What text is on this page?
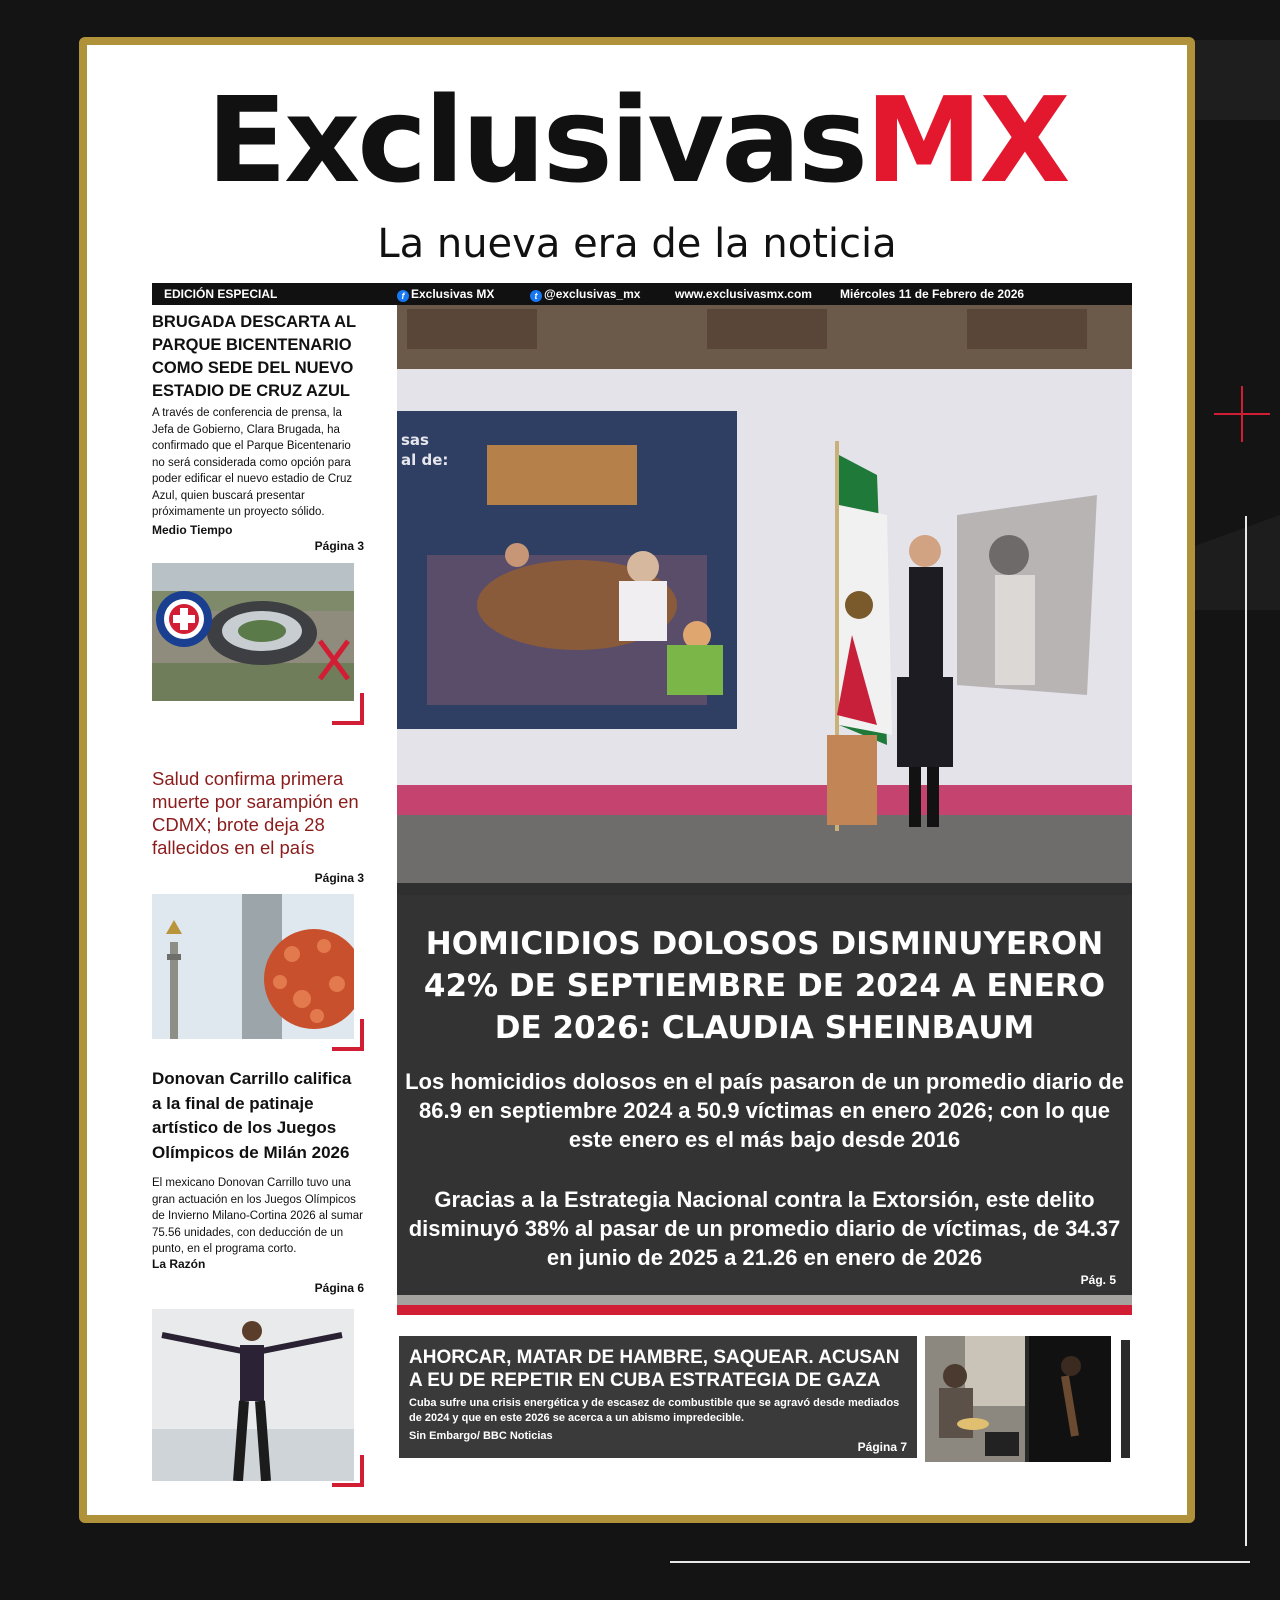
ExclusivasMX
La nueva era de la noticia
EDICIÓN ESPECIAL	f Exclusivas MX	t @exclusivas_mx	www.exclusivasmx.com Miércoles 11 de Febrero de 2026
BRUGADA DESCARTA AL PARQUE BICENTENARIO COMO SEDE DEL NUEVO ESTADIO DE CRUZ AZUL
A través de conferencia de prensa, la Jefa de Gobierno, Clara Brugada, ha confirmado que el Parque Bicentenario no será considerada como opción para poder edificar el nuevo estadio de Cruz Azul, quien buscará presentar próximamente un proyecto sólido.
Medio Tiempo
Página 3
Salud confirma primera muerte por sarampión en CDMX; brote deja 28 fallecidos en el país
Página 3
Donovan Carrillo califica a la final de patinaje artístico de los Juegos Olímpicos de Milán 2026
El mexicano Donovan Carrillo tuvo una gran actuación en los Juegos Olímpicos de Invierno Milano-Cortina 2026 al sumar 75.56 unidades, con deducción de un punto, en el programa corto.
La Razón
Página 6
sas
al de:
HOMICIDIOS DOLOSOS DISMINUYERON 42% DE SEPTIEMBRE DE 2024 A ENERO DE 2026: CLAUDIA SHEINBAUM
Los homicidios dolosos en el país pasaron de un promedio diario de 86.9 en septiembre 2024 a 50.9 víctimas en enero 2026; con lo que este enero es el más bajo desde 2016
Gracias a la Estrategia Nacional contra la Extorsión, este delito disminuyó 38% al pasar de un promedio diario de víctimas, de 34.37 en junio de 2025 a 21.26 en enero de 2026
Pág. 5
AHORCAR, MATAR DE HAMBRE, SAQUEAR. ACUSAN A EU DE REPETIR EN CUBA ESTRATEGIA DE GAZA
Cuba sufre una crisis energética y de escasez de combustible que se agravó desde mediados de 2024 y que en este 2026 se acerca a un abismo impredecible.
Sin Embargo/ BBC Noticias
Página 7
